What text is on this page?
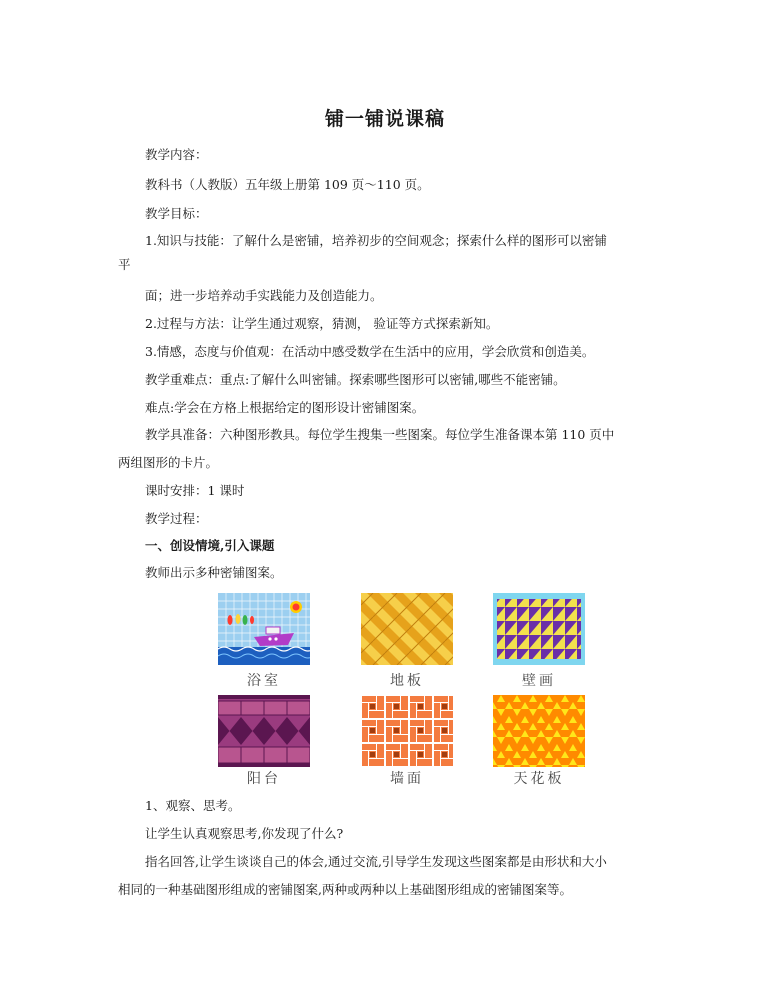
铺一铺说课稿
教学内容：
教科书（人教版）五年级上册第 109 页～110 页。
教学目标：
1.知识与技能：了解什么是密铺，培养初步的空间观念；探索什么样的图形可以密铺
平
面；进一步培养动手实践能力及创造能力。
2.过程与方法：让学生通过观察，猜测， 验证等方式探索新知。
3.情感，态度与价值观：在活动中感受数学在生活中的应用，学会欣赏和创造美。
教学重难点：重点:了解什么叫密铺。探索哪些图形可以密铺,哪些不能密铺。
难点:学会在方格上根据给定的图形设计密铺图案。
教学具准备：六种图形教具。每位学生搜集一些图案。每位学生准备课本第 110 页中
两组图形的卡片。
课时安排：1 课时
教学过程：
一、创设情境,引入课题
教师出示多种密铺图案。
浴室	地板	壁画
阳台	墙面	天花板
1、观察、思考。
让学生认真观察思考,你发现了什么?
指名回答,让学生谈谈自己的体会,通过交流,引导学生发现这些图案都是由形状和大小
相同的一种基础图形组成的密铺图案,两种或两种以上基础图形组成的密铺图案等。
